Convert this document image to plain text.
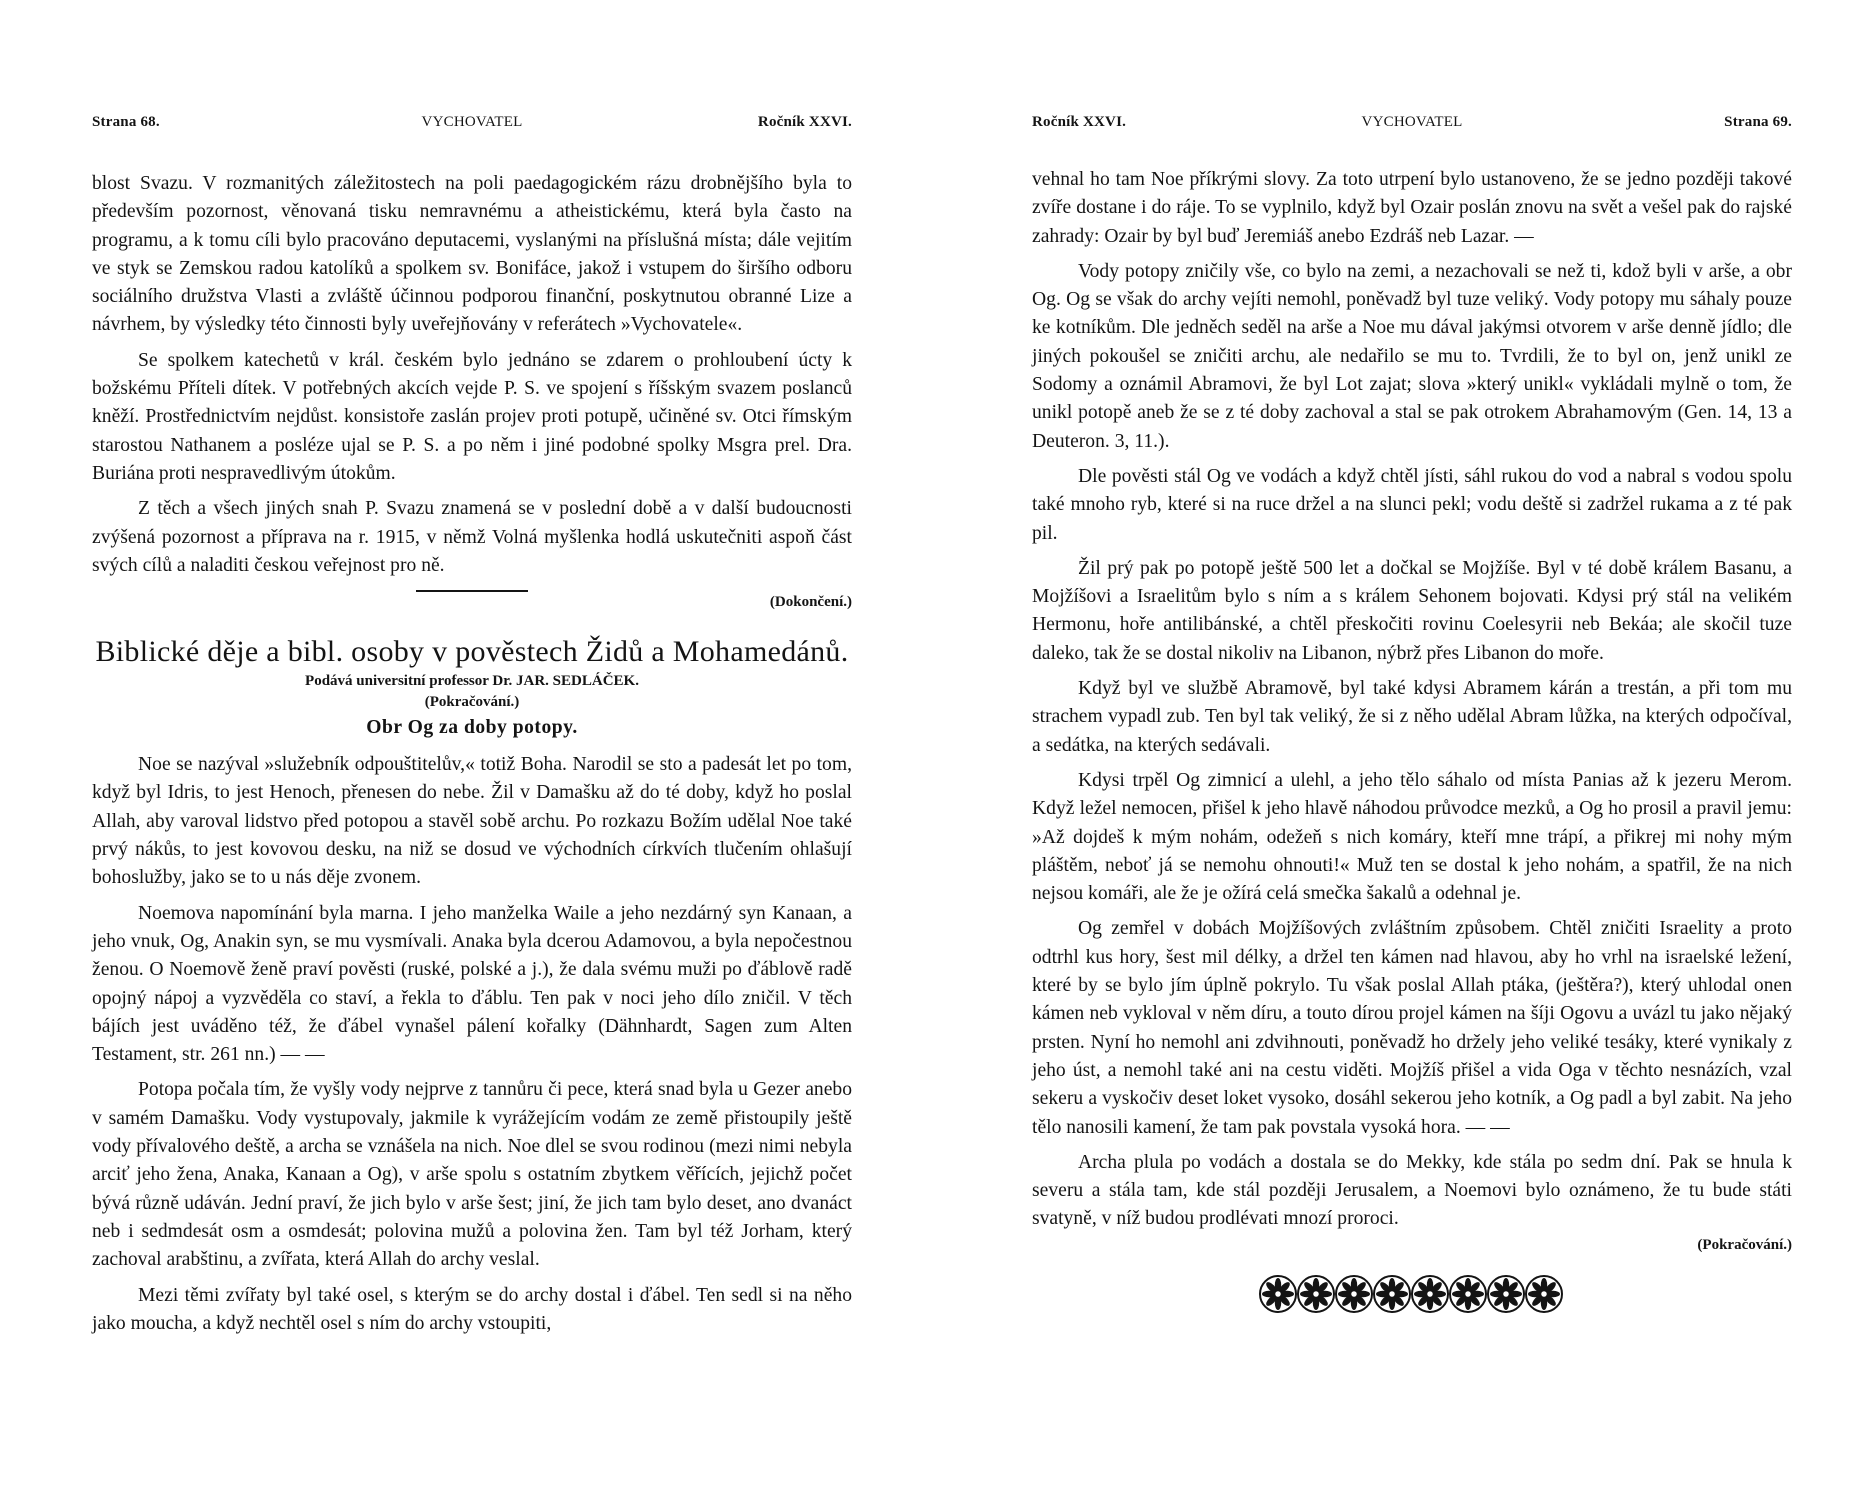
Strana 68.	VYCHOVATEL	Ročník XXVI.

blost Svazu. V rozmanitých záležitostech na poli paedagogickém rázu drobnějšího byla to především pozornost, věnovaná tisku nemravnému a atheistickému, která byla často na programu, a k tomu cíli bylo pracováno deputacemi, vyslanými na příslušná místa; dále vejitím ve styk se Zemskou radou katolíků a spolkem sv. Bonifáce, jakož i vstupem do širšího odboru sociálního družstva Vlasti a zvláště účinnou podporou finanční, poskytnutou obranné Lize a návrhem, by výsledky této činnosti byly uveřejňovány v referátech »Vychovatele«.

Se spolkem katechetů v král. českém bylo jednáno se zdarem o prohloubení úcty k božskému Příteli dítek. V potřebných akcích vejde P. S. ve spojení s říšským svazem poslanců kněží. Prostřednictvím nejdůst. konsistoře zaslán projev proti potupě, učiněné sv. Otci římským starostou Nathanem a posléze ujal se P. S. a po něm i jiné podobné spolky Msgra prel. Dra. Buriána proti nespravedlivým útokům.

Z těch a všech jiných snah P. Svazu znamená se v poslední době a v další budoucnosti zvýšená pozornost a příprava na r. 1915, v němž Volná myšlenka hodlá uskutečniti aspoň část svých cílů a naladiti českou veřejnost pro ně.

(Dokončení.)
Biblické děje a bibl. osoby v pověstech Židů a Mohamedánů.
Podává universitní professor Dr. JAR. SEDLÁČEK.
(Pokračování.)
Obr Og za doby potopy.

Noe se nazýval »služebník odpouštitelův,« totiž Boha. Narodil se sto a padesát let po tom, když byl Idris, to jest Henoch, přenesen do nebe. Žil v Damašku až do té doby, když ho poslal Allah, aby varoval lidstvo před potopou a stavěl sobě archu. Po rozkazu Božím udělal Noe také prvý nákůs, to jest kovovou desku, na niž se dosud ve východních církvích tlučením ohlašují bohoslužby, jako se to u nás děje zvonem.

Noemova napomínání byla marna. I jeho manželka Waile a jeho nezdárný syn Kanaan, a jeho vnuk, Og, Anakin syn, se mu vysmívali. Anaka byla dcerou Adamovou, a byla nepočestnou ženou. O Noemově ženě praví pověsti (ruské, polské a j.), že dala svému muži po ďáblově radě opojný nápoj a vyzvěděla co staví, a řekla to ďáblu. Ten pak v noci jeho dílo zničil. V těch bájích jest uváděno též, že ďábel vynašel pálení kořalky (Dähnhardt, Sagen zum Alten Testament, str. 261 nn.) — —

Potopa počala tím, že vyšly vody nejprve z tannůru či pece, která snad byla u Gezer anebo v samém Damašku. Vody vystupovaly, jakmile k vyrážejícím vodám ze země přistoupily ještě vody přívalového deště, a archa se vznášela na nich. Noe dlel se svou rodinou (mezi nimi nebyla arciť jeho žena, Anaka, Kanaan a Og), v arše spolu s ostatním zbytkem věřících, jejichž počet bývá různě udáván. Jední praví, že jich bylo v arše šest; jiní, že jich tam bylo deset, ano dvanáct neb i sedmdesát osm a osmdesát; polovina mužů a polovina žen. Tam byl též Jorham, který zachoval arabštinu, a zvířata, která Allah do archy veslal.

Mezi těmi zvířaty byl také osel, s kterým se do archy dostal i ďábel. Ten sedl si na něho jako moucha, a když nechtěl osel s ním do archy vstoupiti,

Ročník XXVI.	VYCHOVATEL	Strana 69.

vehnal ho tam Noe příkrými slovy. Za toto utrpení bylo ustanoveno, že se jedno později takové zvíře dostane i do ráje. To se vyplnilo, když byl Ozair poslán znovu na svět a vešel pak do rajské zahrady: Ozair by byl buď Jeremiáš anebo Ezdráš neb Lazar. —

Vody potopy zničily vše, co bylo na zemi, a nezachovali se než ti, kdož byli v arše, a obr Og. Og se však do archy vejíti nemohl, poněvadž byl tuze veliký. Vody potopy mu sáhaly pouze ke kotníkům. Dle jedněch seděl na arše a Noe mu dával jakýmsi otvorem v arše denně jídlo; dle jiných pokoušel se zničiti archu, ale nedařilo se mu to. Tvrdili, že to byl on, jenž unikl ze Sodomy a oznámil Abramovi, že byl Lot zajat; slova »který unikl« vykládali mylně o tom, že unikl potopě aneb že se z té doby zachoval a stal se pak otrokem Abrahamovým (Gen. 14, 13 a Deuteron. 3, 11.).

Dle pověsti stál Og ve vodách a když chtěl jísti, sáhl rukou do vod a nabral s vodou spolu také mnoho ryb, které si na ruce držel a na slunci pekl; vodu deště si zadržel rukama a z té pak pil.

Žil prý pak po potopě ještě 500 let a dočkal se Mojžíše. Byl v té době králem Basanu, a Mojžíšovi a Israelitům bylo s ním a s králem Sehonem bojovati. Kdysi prý stál na velikém Hermonu, hoře antilibánské, a chtěl přeskočiti rovinu Coelesyrii neb Bekáa; ale skočil tuze daleko, tak že se dostal nikoliv na Libanon, nýbrž přes Libanon do moře.

Když byl ve službě Abramově, byl také kdysi Abramem kárán a trestán, a při tom mu strachem vypadl zub. Ten byl tak veliký, že si z něho udělal Abram lůžka, na kterých odpočíval, a sedátka, na kterých sedávali.

Kdysi trpěl Og zimnicí a ulehl, a jeho tělo sáhalo od místa Panias až k jezeru Merom. Když ležel nemocen, přišel k jeho hlavě náhodou průvodce mezků, a Og ho prosil a pravil jemu: »Až dojdeš k mým nohám, odežeň s nich komáry, kteří mne trápí, a přikrej mi nohy mým pláštěm, neboť já se nemohu ohnouti!« Muž ten se dostal k jeho nohám, a spatřil, že na nich nejsou komáři, ale že je ožírá celá smečka šakalů a odehnal je.

Og zemřel v dobách Mojžíšových zvláštním způsobem. Chtěl zničiti Israelity a proto odtrhl kus hory, šest mil délky, a držel ten kámen nad hlavou, aby ho vrhl na israelské ležení, které by se bylo jím úplně pokrylo. Tu však poslal Allah ptáka, (ještěra?), který uhlodal onen kámen neb vykloval v něm díru, a touto dírou projel kámen na šíji Ogovu a uvázl tu jako nějaký prsten. Nyní ho nemohl ani zdvihnouti, poněvadž ho držely jeho veliké tesáky, které vynikaly z jeho úst, a nemohl také ani na cestu viděti. Mojžíš přišel a vida Oga v těchto nesnázích, vzal sekeru a vyskočiv deset loket vysoko, dosáhl sekerou jeho kotník, a Og padl a byl zabit. Na jeho tělo nanosili kamení, že tam pak povstala vysoká hora. — —

Archa plula po vodách a dostala se do Mekky, kde stála po sedm dní. Pak se hnula k severu a stála tam, kde stál později Jerusalem, a Noemovi bylo oznámeno, že tu bude státi svatyně, v níž budou prodlévati mnozí proroci.

(Pokračování.)
